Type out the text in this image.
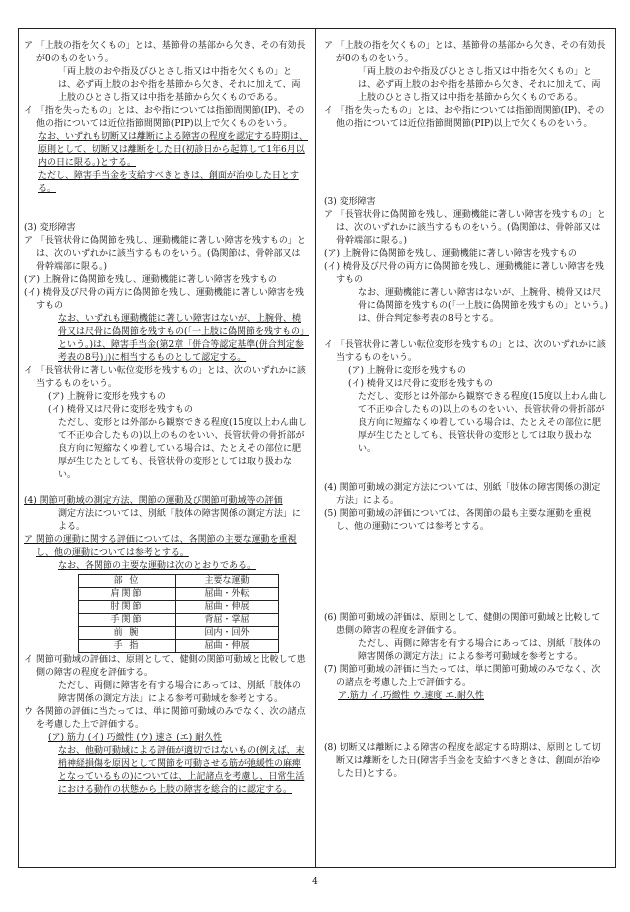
ア 「上肢の指を欠くもの」とは、基節骨の基部から欠き、その有効長が0のものをいう。

「両上肢のおや指及びひとさし指又は中指を欠くもの」とは、必ず両上肢のおや指を基節から欠き、それに加えて、両上肢のひとさし指又は中指を基節から欠くものである。

イ 「指を失ったもの」とは、おや指については指節間関節(IP)、その他の指については近位指節間関節(PIP)以上で欠くものをいう。

なお、いずれも切断又は離断による障害の程度を認定する時期は、原則として、切断又は離断をした日(初診日から起算して1年6月以内の日に限る。)とする。

ただし、障害手当金を支給すべきときは、創面が治ゆした日とする。

(3) 変形障害

ア 「長管状骨に偽関節を残し、運動機能に著しい障害を残すもの」とは、次のいずれかに該当するものをいう。(偽関節は、骨幹部又は骨幹端部に限る。)

(ア) 上腕骨に偽関節を残し、運動機能に著しい障害を残すもの

(イ) 橈骨及び尺骨の両方に偽関節を残し、運動機能に著しい障害を残すもの

なお、いずれも運動機能に著しい障害はないが、上腕骨、橈骨又は尺骨に偽関節を残すもの(「一上肢に偽関節を残すもの」という。)は、障害手当金(第2章「併合等認定基準(併合判定参考表の8号)」)に相当するものとして認定する。

イ 「長管状骨に著しい転位変形を残すもの」とは、次のいずれかに該当するものをいう。

(ア) 上腕骨に変形を残すもの

(イ) 橈骨又は尺骨に変形を残すもの

ただし、変形とは外部から観察できる程度(15度以上わん曲して不正ゆ合したもの)以上のものをいい、長管状骨の骨折部が良方向に短縮なくゆ着している場合は、たとえその部位に肥厚が生じたとしても、長管状骨の変形としては取り扱わない。

(4) 関節可動域の測定方法、関節の運動及び関節可動域等の評価

測定方法については、別紙「肢体の障害関係の測定方法」による。

ア 関節の運動に関する評価については、各関節の主要な運動を重視し、他の運動については参考とする。

なお、各関節の主要な運動は次のとおりである。

部 位	主要な運動
肩関節	屈曲・外転
肘関節	屈曲・伸展
手関節	背屈・掌屈
前 腕	回内・回外
手 指	屈曲・伸展

イ 関節可動域の評価は、原則として、健側の関節可動域と比較して患側の障害の程度を評価する。

ただし、両側に障害を有する場合にあっては、別紙「肢体の障害関係の測定方法」による参考可動域を参考とする。

ウ 各関節の評価に当たっては、単に関節可動域のみでなく、次の諸点を考慮した上で評価する。

(ア) 筋力 (イ) 巧緻性 (ウ) 速さ (エ) 耐久性

なお、他動可動域による評価が適切ではないもの(例えば、末梢神経損傷を原因として関節を可動させる筋が弛緩性の麻痺となっているもの)については、上記諸点を考慮し、日常生活における動作の状態から上肢の障害を総合的に認定する。

ア 「上肢の指を欠くもの」とは、基節骨の基部から欠き、その有効長が0のものをいう。

「両上肢のおや指及びひとさし指又は中指を欠くもの」とは、必ず両上肢のおや指を基節から欠き、それに加えて、両上肢のひとさし指又は中指を基節から欠くものである。

イ 「指を失ったもの」とは、おや指については指節間関節(IP)、その他の指については近位指節間関節(PIP)以上で欠くものをいう。

(3) 変形障害

ア 「長管状骨に偽関節を残し、運動機能に著しい障害を残すもの」とは、次のいずれかに該当するものをいう。(偽関節は、骨幹部又は骨幹端部に限る。)

(ア) 上腕骨に偽関節を残し、運動機能に著しい障害を残すもの

(イ) 橈骨及び尺骨の両方に偽関節を残し、運動機能に著しい障害を残すもの

なお、運動機能に著しい障害はないが、上腕骨、橈骨又は尺骨に偽関節を残すもの(「一上肢に偽関節を残すもの」という。)は、併合判定参考表の8号とする。

イ 「長管状骨に著しい転位変形を残すもの」とは、次のいずれかに該当するものをいう。

(ア) 上腕骨に変形を残すもの

(イ) 橈骨又は尺骨に変形を残すもの

ただし、変形とは外部から観察できる程度(15度以上わん曲して不正ゆ合したもの)以上のものをいい、長管状骨の骨折部が良方向に短縮なくゆ着している場合は、たとえその部位に肥厚が生じたとしても、長管状骨の変形としては取り扱わない。

(4) 関節可動域の測定方法については、別紙「肢体の障害関係の測定方法」による。

(5) 関節可動域の評価については、各関節の最も主要な運動を重視し、他の運動については参考とする。

(6) 関節可動域の評価は、原則として、健側の関節可動域と比較して患側の障害の程度を評価する。

ただし、両側に障害を有する場合にあっては、別紙「肢体の障害関係の測定方法」による参考可動域を参考とする。

(7) 関節可動域の評価に当たっては、単に関節可動域のみでなく、次の諸点を考慮した上で評価する。

ア.筋力 イ.巧緻性 ウ.速度 エ.耐久性

(8) 切断又は離断による障害の程度を認定する時期は、原則として切断又は離断をした日(障害手当金を支給すべきときは、創面が治ゆした日)とする。

4
